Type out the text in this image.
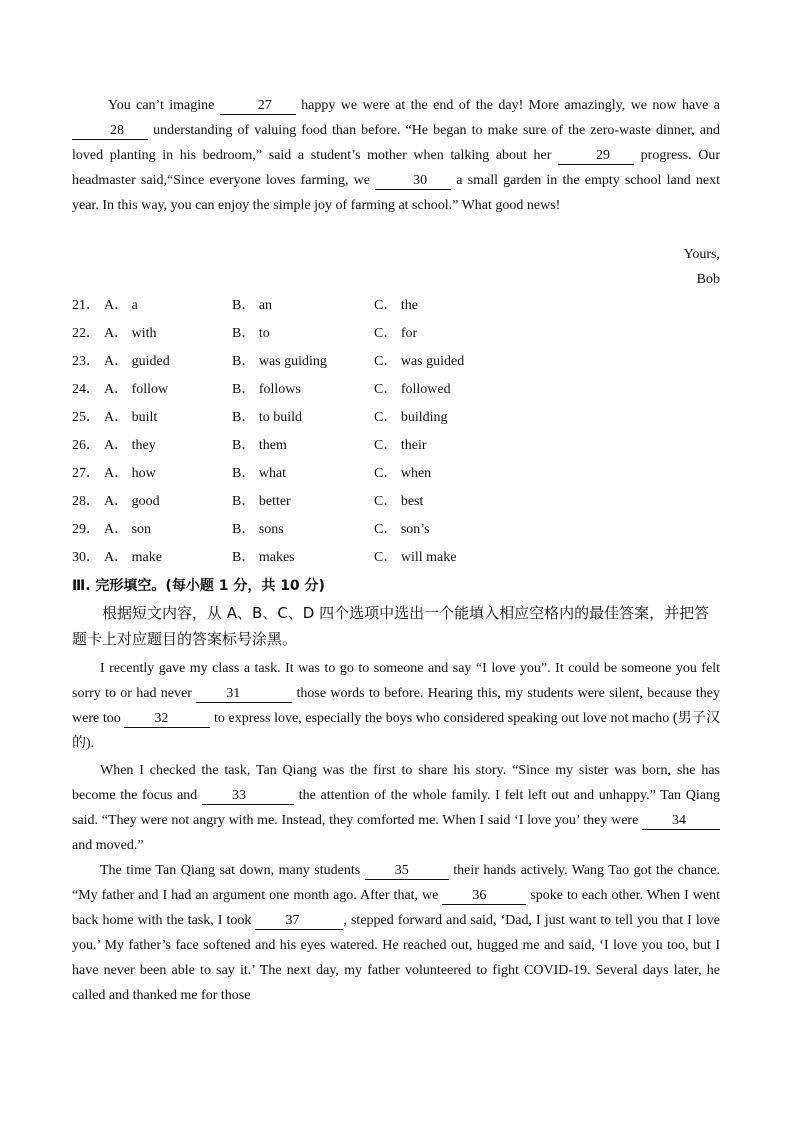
You can’t imagine	27 happy we were at the end of the day! More amazingly, we now have a 28 understanding of valuing food than before. “He began to make sure of the zero-waste dinner, and loved planting in his bedroom,” said a student’s mother when talking about her	29 progress. Our headmaster said,“Since everyone loves farming, we	30 a small garden in the empty school land next year. In this way, you can enjoy the simple joy of farming at school.” What good news!

Yours,
Bob
21． A． a	B． an	C． the
22． A． with	B． to	C． for
23． A． guided	B． was guiding	C． was guided
24． A． follow	B． follows	C． followed
25． A． built	B． to build	C． building
26． A． they	B． them	C． their
27． A． how	B． what	C． when
28． A． good	B． better	C． best
29． A． son	B． sons	C． son’s
30． A． make	B． makes	C． will make
Ⅲ. 完形填空。(每小题 1 分，共 10 分)
根据短文内容，从 A、B、C、D 四个选项中选出一个能填入相应空格内的最佳答案，并把答题卡上对应题目的答案标号涂黑。

I recently gave my class a task. It was to go to someone and say “I love you”. It could be someone you felt sorry to or had never 31	those words to before. Hearing this, my students were silent, because they were too 32	to express love, especially the boys who considered speaking out love not macho (男子汉的).

When I checked the task, Tan Qiang was the first to share his story. “Since my sister was born, she has become the focus and 33	the attention of the whole family. I felt left out and unhappy.” Tan Qiang said. “They were not angry with me. Instead, they comforted me. When I said ‘I love you’ they were 34 and moved.”

The time Tan Qiang sat down, many students 35	their hands actively. Wang Tao got the chance. “My father and I had an argument one month ago. After that, we 36	spoke to each other. When I went back home with the task, I took 37	, stepped forward and said, ‘Dad, I just want to tell you that I love you.’ My father’s face softened and his eyes watered. He reached out, hugged me and said, ‘I love you too, but I have never been able to say it.’ The next day, my father volunteered to fight COVID-19. Several days later, he called and thanked me for those
